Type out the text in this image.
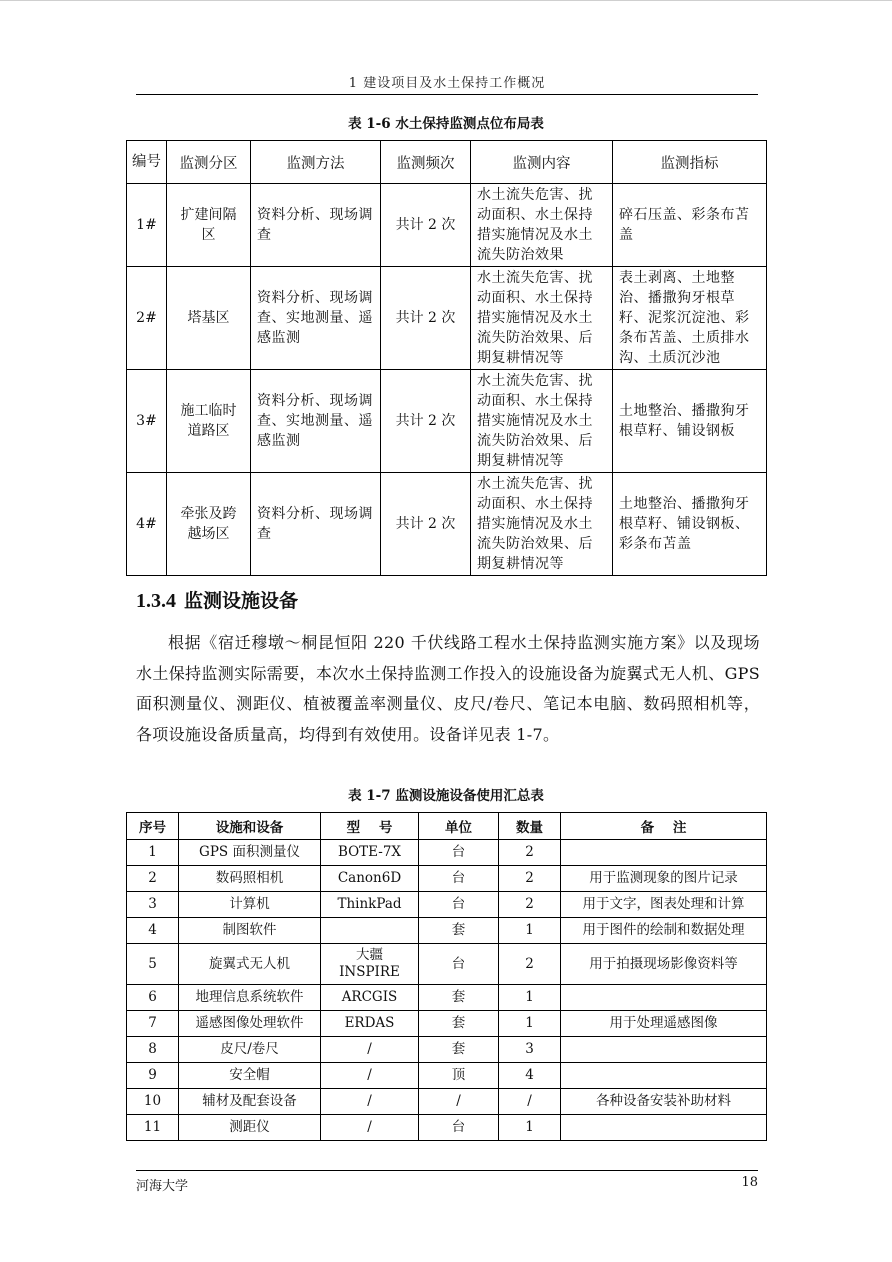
1 建设项目及水土保持工作概况
表 1-6 水土保持监测点位布局表
编号	监测分区	监测方法	监测频次	监测内容	监测指标
1#	扩建间隔区	资料分析、现场调查	共计 2 次	水土流失危害、扰动面积、水土保持措实施情况及水土流失防治效果	碎石压盖、彩条布苫盖
2#	塔基区	资料分析、现场调查、实地测量、遥感监测	共计 2 次	水土流失危害、扰动面积、水土保持措实施情况及水土流失防治效果、后期复耕情况等	表土剥离、土地整治、播撒狗牙根草籽、泥浆沉淀池、彩条布苫盖、土质排水沟、土质沉沙池
3#	施工临时道路区	资料分析、现场调查、实地测量、遥感监测	共计 2 次	水土流失危害、扰动面积、水土保持措实施情况及水土流失防治效果、后期复耕情况等	土地整治、播撒狗牙根草籽、铺设钢板
4#	牵张及跨越场区	资料分析、现场调查	共计 2 次	水土流失危害、扰动面积、水土保持措实施情况及水土流失防治效果、后期复耕情况等	土地整治、播撒狗牙根草籽、铺设钢板、彩条布苫盖
1.3.4 监测设施设备
根据《宿迁穆墩～桐昆恒阳 220 千伏线路工程水土保持监测实施方案》以及现场水土保持监测实际需要，本次水土保持监测工作投入的设施设备为旋翼式无人机、GPS 面积测量仪、测距仪、植被覆盖率测量仪、皮尺/卷尺、笔记本电脑、数码照相机等，各项设施设备质量高，均得到有效使用。设备详见表 1-7。
表 1-7 监测设施设备使用汇总表
序号	设施和设备	型    号	单位	数量	备    注
1	GPS 面积测量仪	BOTE-7X	台	2	
2	数码照相机	Canon6D	台	2	用于监测现象的图片记录
3	计算机	ThinkPad	台	2	用于文字，图表处理和计算
4	制图软件		套	1	用于图件的绘制和数据处理
5	旋翼式无人机	大疆 INSPIRE	台	2	用于拍摄现场影像资料等
6	地理信息系统软件	ARCGIS	套	1	
7	遥感图像处理软件	ERDAS	套	1	用于处理遥感图像
8	皮尺/卷尺	/	套	3	
9	安全帽	/	顶	4	
10	辅材及配套设备	/	/	/	各种设备安装补助材料
11	测距仪	/	台	1	
河海大学	18
